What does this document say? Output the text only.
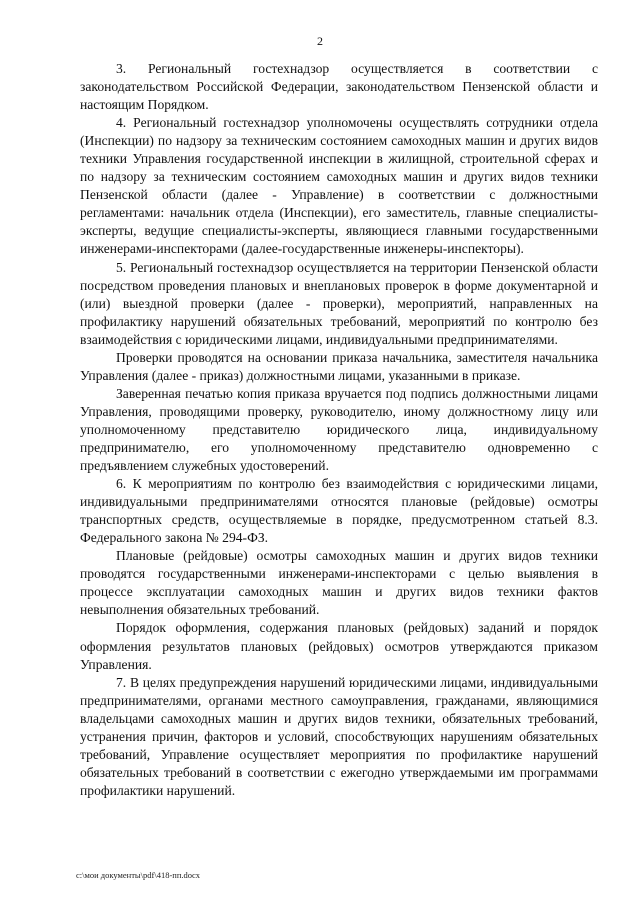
2

3. Региональный гостехнадзор осуществляется в соответствии с законодательством Российской Федерации, законодательством Пензенской области и настоящим Порядком.

4. Региональный гостехнадзор уполномочены осуществлять сотрудники отдела (Инспекции) по надзору за техническим состоянием самоходных машин и других видов техники Управления государственной инспекции в жилищной, строительной сферах и по надзору за техническим состоянием самоходных машин и других видов техники Пензенской области (далее - Управление) в соответствии с должностными регламентами: начальник отдела (Инспекции), его заместитель, главные специалисты-эксперты, ведущие специалисты-эксперты, являющиеся главными государственными инженерами-инспекторами (далее-государственные инженеры-инспекторы).

5. Региональный гостехнадзор осуществляется на территории Пензенской области посредством проведения плановых и внеплановых проверок в форме документарной и (или) выездной проверки (далее - проверки), мероприятий, направленных на профилактику нарушений обязательных требований, мероприятий по контролю без взаимодействия с юридическими лицами, индивидуальными предпринимателями.

Проверки проводятся на основании приказа начальника, заместителя начальника Управления (далее - приказ) должностными лицами, указанными в приказе.

Заверенная печатью копия приказа вручается под подпись должностными лицами Управления, проводящими проверку, руководителю, иному должностному лицу или уполномоченному представителю юридического лица, индивидуальному предпринимателю, его уполномоченному представителю одновременно с предъявлением служебных удостоверений.

6. К мероприятиям по контролю без взаимодействия с юридическими лицами, индивидуальными предпринимателями относятся плановые (рейдовые) осмотры транспортных средств, осуществляемые в порядке, предусмотренном статьей 8.3. Федерального закона № 294-ФЗ.

Плановые (рейдовые) осмотры самоходных машин и других видов техники проводятся государственными инженерами-инспекторами с целью выявления в процессе эксплуатации самоходных машин и других видов техники фактов невыполнения обязательных требований.

Порядок оформления, содержания плановых (рейдовых) заданий и порядок оформления результатов плановых (рейдовых) осмотров утверждаются приказом Управления.

7. В целях предупреждения нарушений юридическими лицами, индивидуальными предпринимателями, органами местного самоуправления, гражданами, являющимися владельцами самоходных машин и других видов техники, обязательных требований, устранения причин, факторов и условий, способствующих нарушениям обязательных требований, Управление осуществляет мероприятия по профилактике нарушений обязательных требований в соответствии с ежегодно утверждаемыми им программами профилактики нарушений.

c:\мои документы\pdf\418-пп.docx
